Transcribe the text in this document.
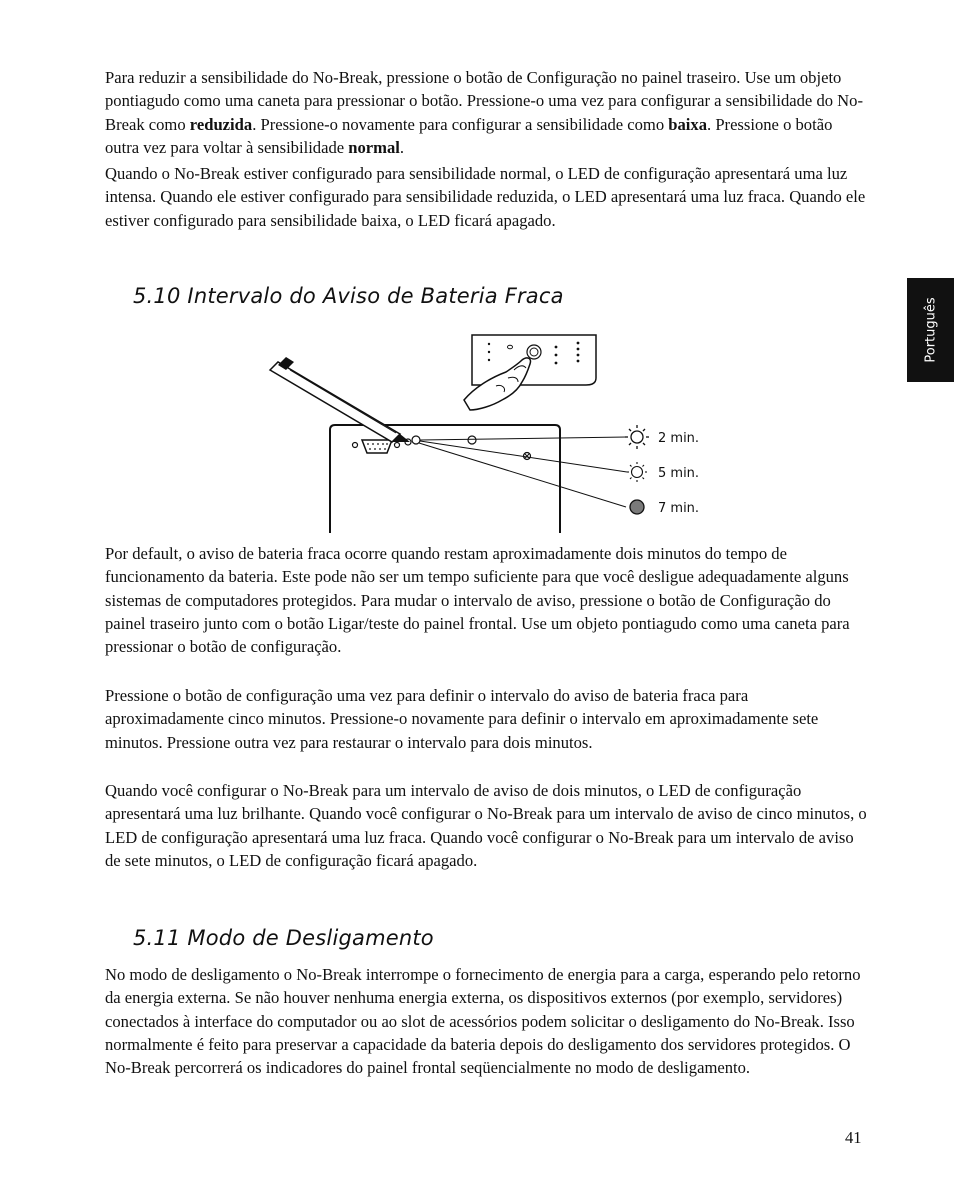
Português

Para reduzir a sensibilidade do No-Break, pressione o botão de Configuração no painel traseiro. Use um objeto pontiagudo como uma caneta para pressionar o botão. Pressione-o uma vez para configurar a sensibilidade do No-Break como reduzida. Pressione-o novamente para configurar a sensibilidade como baixa. Pressione o botão outra vez para voltar à sensibilidade normal.

Quando o No-Break estiver configurado para sensibilidade normal, o LED de configuração apresentará uma luz intensa. Quando ele estiver configurado para sensibilidade reduzida, o LED apresentará uma luz fraca. Quando ele estiver configurado para sensibilidade baixa, o LED ficará apagado.

5.10 Intervalo do Aviso de Bateria Fraca
2 min.
5 min.
7 min.

Por default, o aviso de bateria fraca ocorre quando restam aproximadamente dois minutos do tempo de funcionamento da bateria. Este pode não ser um tempo suficiente para que você desligue adequadamente alguns sistemas de computadores protegidos. Para mudar o intervalo de aviso, pressione o botão de Configuração do painel traseiro junto com o botão Ligar/teste do painel frontal. Use um objeto pontiagudo como uma caneta para pressionar o botão de configuração.

Pressione o botão de configuração uma vez para definir o intervalo do aviso de bateria fraca para aproximadamente cinco minutos. Pressione-o novamente para definir o intervalo em aproximadamente sete minutos. Pressione outra vez para restaurar o intervalo para dois minutos.

Quando você configurar o No-Break para um intervalo de aviso de dois minutos, o LED de configuração apresentará uma luz brilhante. Quando você configurar o No-Break para um intervalo de aviso de cinco minutos, o LED de configuração apresentará uma luz fraca. Quando você configurar o No-Break para um intervalo de aviso de sete minutos, o LED de configuração ficará apagado.

5.11 Modo de Desligamento

No modo de desligamento o No-Break interrompe o fornecimento de energia para a carga, esperando pelo retorno da energia externa. Se não houver nenhuma energia externa, os dispositivos externos (por exemplo, servidores) conectados à interface do computador ou ao slot de acessórios podem solicitar o desligamento do No-Break. Isso normalmente é feito para preservar a capacidade da bateria depois do desligamento dos servidores protegidos. O No-Break percorrerá os indicadores do painel frontal seqüencialmente no modo de desligamento.

41
